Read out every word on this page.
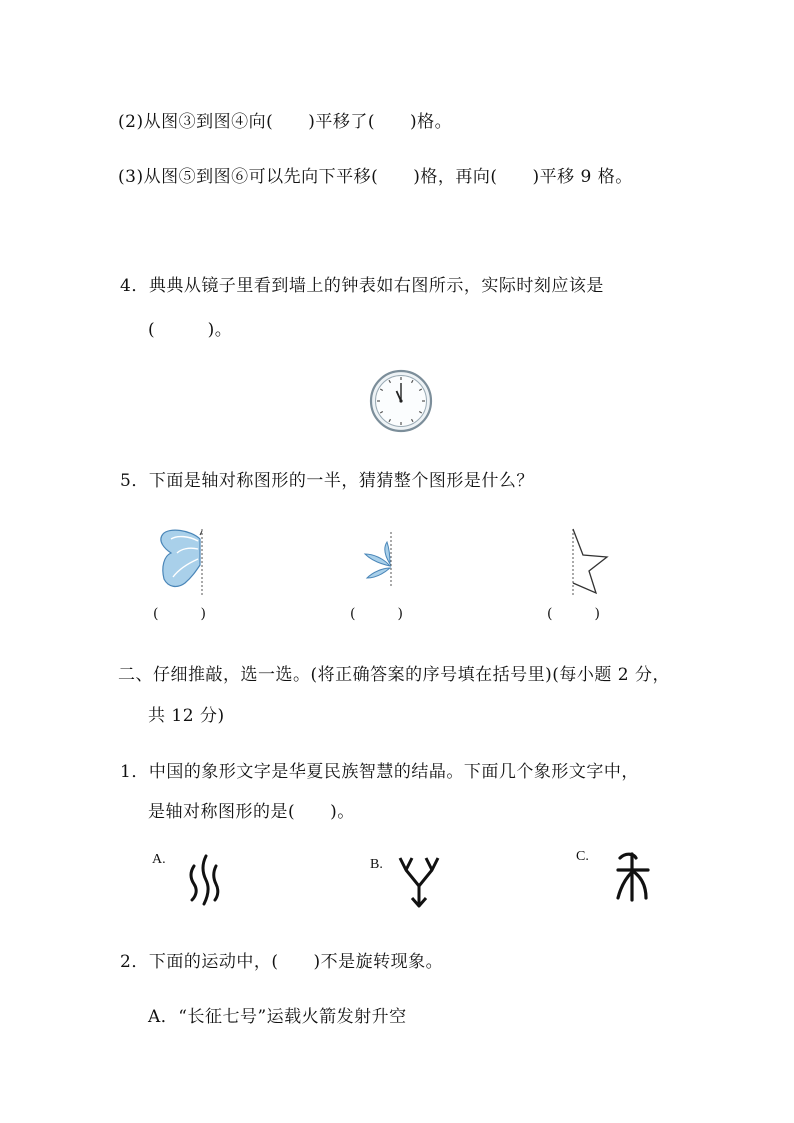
(2)从图③到图④向(　　)平移了(　　)格。
(3)从图⑤到图⑥可以先向下平移(　　)格，再向(　　)平移 9 格。
4．典典从镜子里看到墙上的钟表如右图所示，实际时刻应该是
(　　　)。
5．下面是轴对称图形的一半，猜猜整个图形是什么？
(　　　)	(　　　)	(　　　)
二、仔细推敲，选一选。(将正确答案的序号填在括号里)(每小题 2 分，
共 12 分)
1．中国的象形文字是华夏民族智慧的结晶。下面几个象形文字中，
是轴对称图形的是(　　)。
A.	B.
C.
2．下面的运动中，(　　)不是旋转现象。
A．“长征七号”运载火箭发射升空
